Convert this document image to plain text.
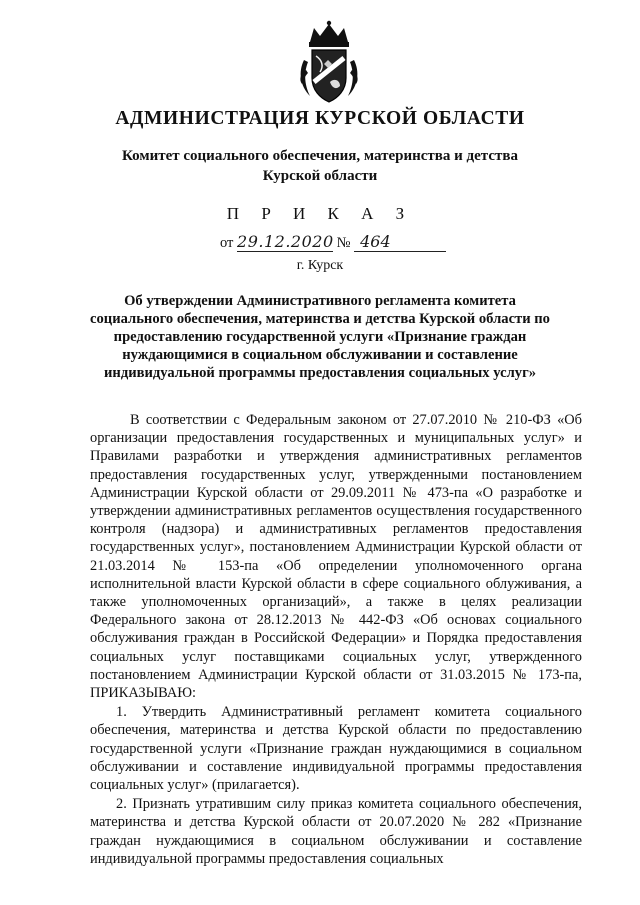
АДМИНИСТРАЦИЯ КУРСКОЙ ОБЛАСТИ
Комитет социального обеспечения, материнства и детства
Курской области
П Р И К А З
от 29.12.2020 № 464
г. Курск
Об утверждении Административного регламента комитета
социального обеспечения, материнства и детства Курской области по
предоставлению государственной услуги «Признание граждан
нуждающимися в социальном обслуживании и составление
индивидуальной программы предоставления социальных услуг»

В соответствии с Федеральным законом от 27.07.2010 № 210-ФЗ «Об организации предоставления государственных и муниципальных услуг» и Правилами разработки и утверждения административных регламентов предоставления государственных услуг, утвержденными постановлением Администрации Курской области от 29.09.2011 № 473-па «О разработке и утверждении административных регламентов осуществления государственного контроля (надзора) и административных регламентов предоставления государственных услуг», постановлением Администрации Курской области от 21.03.2014 № 153-па «Об определении уполномоченного органа исполнительной власти Курской области в сфере социального облуживания, а также уполномоченных организаций», а также в целях реализации Федерального закона от 28.12.2013 № 442-ФЗ «Об основах социального обслуживания граждан в Российской Федерации» и Порядка предоставления социальных услуг поставщиками социальных услуг, утвержденного постановлением Администрации Курской области от 31.03.2015 № 173-па, ПРИКАЗЫВАЮ:

1. Утвердить Административный регламент комитета социального обеспечения, материнства и детства Курской области по предоставлению государственной услуги «Признание граждан нуждающимися в социальном обслуживании и составление индивидуальной программы предоставления социальных услуг» (прилагается).

2. Признать утратившим силу приказ комитета социального обеспечения, материнства и детства Курской области от 20.07.2020 № 282 «Признание граждан нуждающимися в социальном обслуживании и составление индивидуальной программы предоставления социальных
